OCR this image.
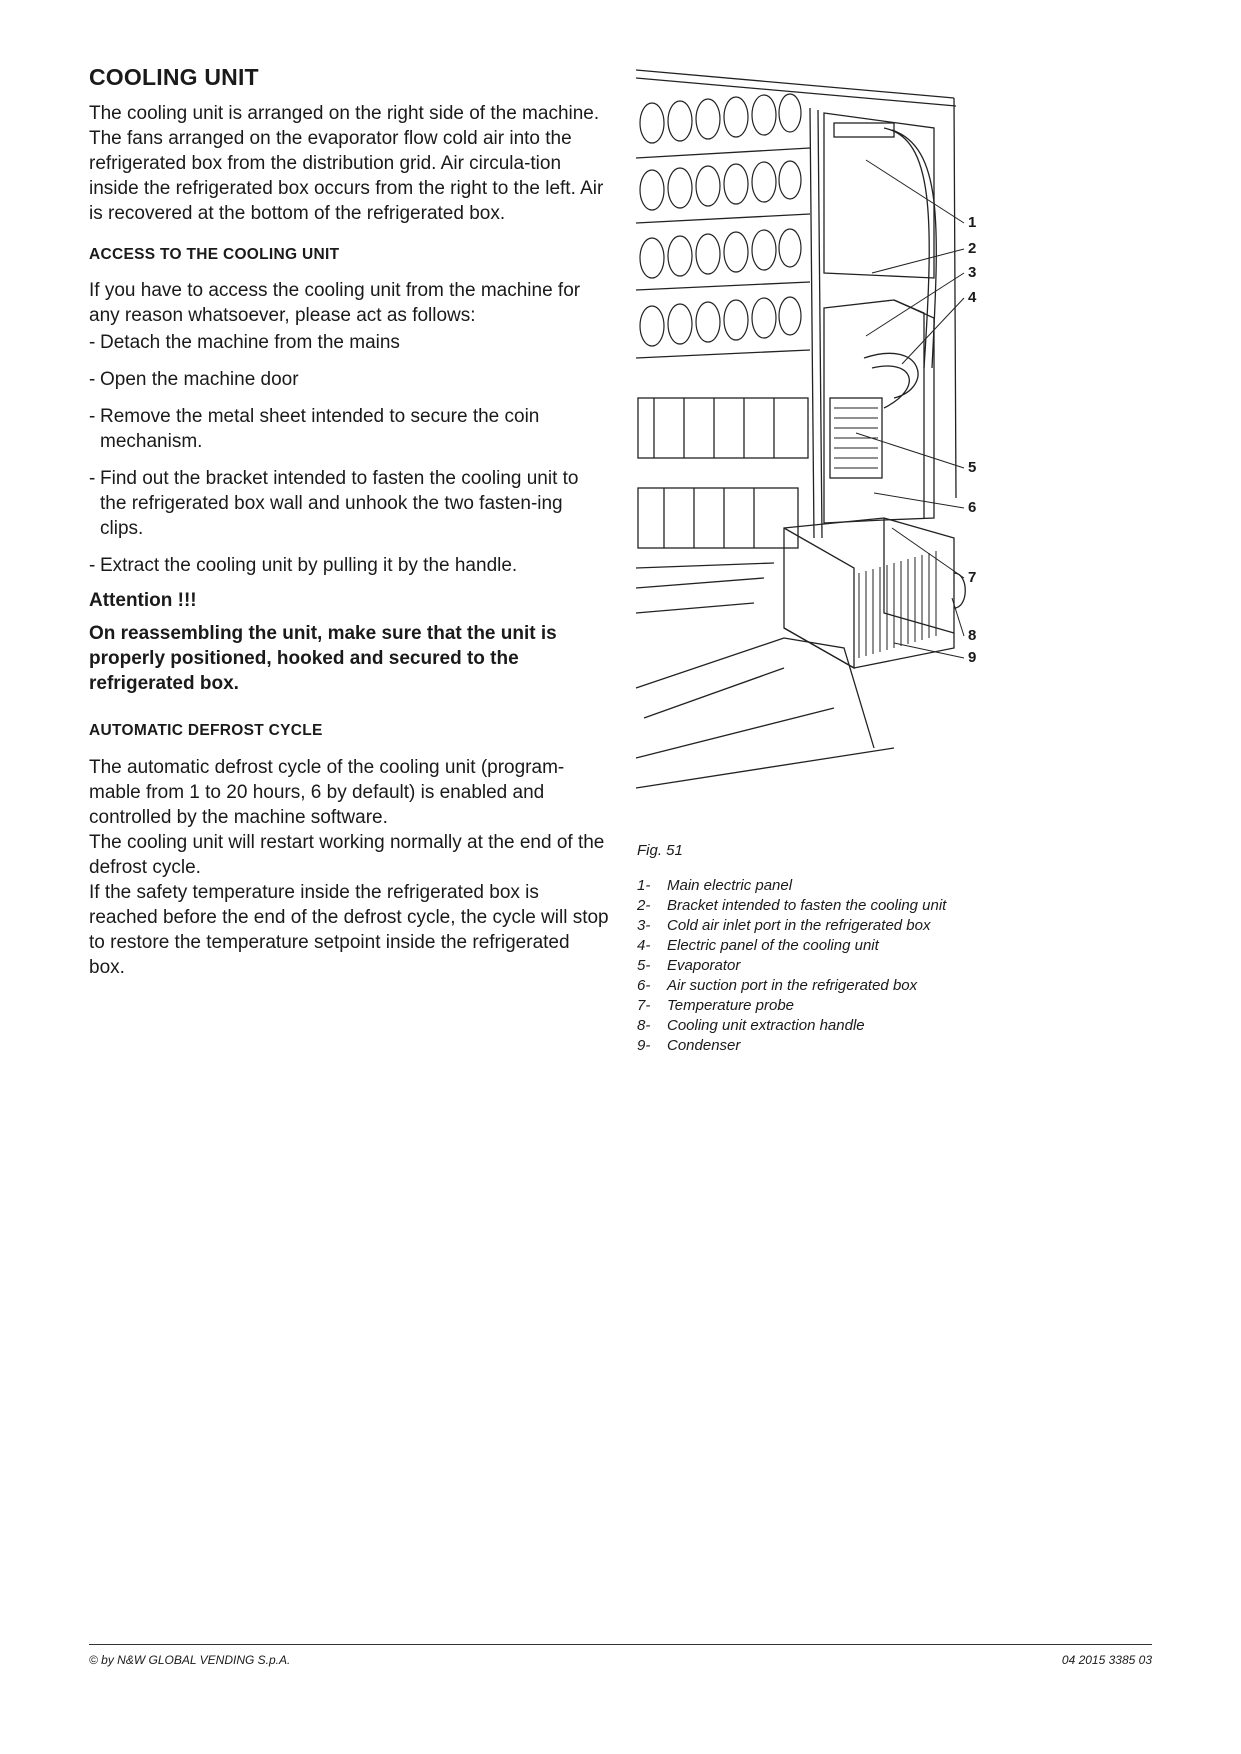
COOLING UNIT

The cooling unit is arranged on the right side of the machine.

The fans arranged on the evaporator flow cold air into the refrigerated box from the distribution grid. Air circula-tion inside the refrigerated box occurs from the right to the left. Air is recovered at the bottom of the refrigerated box.

ACCESS TO THE COOLING UNIT

If you have to access the cooling unit from the machine for any reason whatsoever, please act as follows:

- Detach the machine from the mains
- Open the machine door
- Remove the metal sheet intended to secure the coin mechanism.
- Find out the bracket intended to fasten the cooling unit to the refrigerated box wall and unhook the two fasten-ing clips.
- Extract the cooling unit by pulling it by the handle.

Attention !!!

On reassembling the unit, make sure that the unit is properly positioned, hooked and secured to the refrigerated box.

AUTOMATIC DEFROST CYCLE

The automatic defrost cycle of the cooling unit (program-mable from 1 to 20 hours, 6 by default) is enabled and controlled by the machine software.

The cooling unit will restart working normally at the end of the defrost cycle.

If the safety temperature inside the refrigerated box is reached before the end of the defrost cycle, the cycle will stop to restore the temperature setpoint inside the refrigerated box.

1
2
3
4
5
6
7
8
9
Fig. 51
1-	Main electric panel
2-	Bracket intended to fasten the cooling unit
3-	Cold air inlet port in the refrigerated box
4-	Electric panel of the cooling unit
5-	Evaporator
6-	Air suction port in the refrigerated box
7-	Temperature probe
8-	Cooling unit extraction handle
9-	Condenser
© by N&W GLOBAL VENDING S.p.A.	04 2015 3385 03
